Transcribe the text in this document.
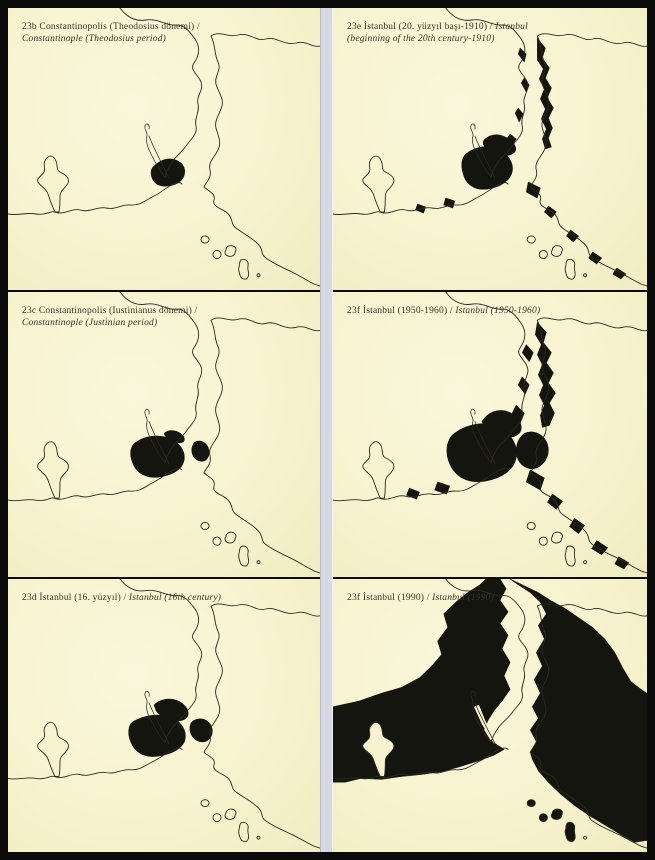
23b Constantinopolis (Theodosius dönemi) / Constantinople (Theodosius period)
23e İstanbul (20. yüzyıl başı-1910) / Istanbul (beginning of the 20th century-1910)
23c Constantinopolis (Iustinianus dönemi) / Constantinople (Justinian period)
23f İstanbul (1950-1960) / Istanbul (1950-1960)
23d İstanbul (16. yüzyıl) / Istanbul (16th century)	23f İstanbul (1990) / Istanbul (1990)
